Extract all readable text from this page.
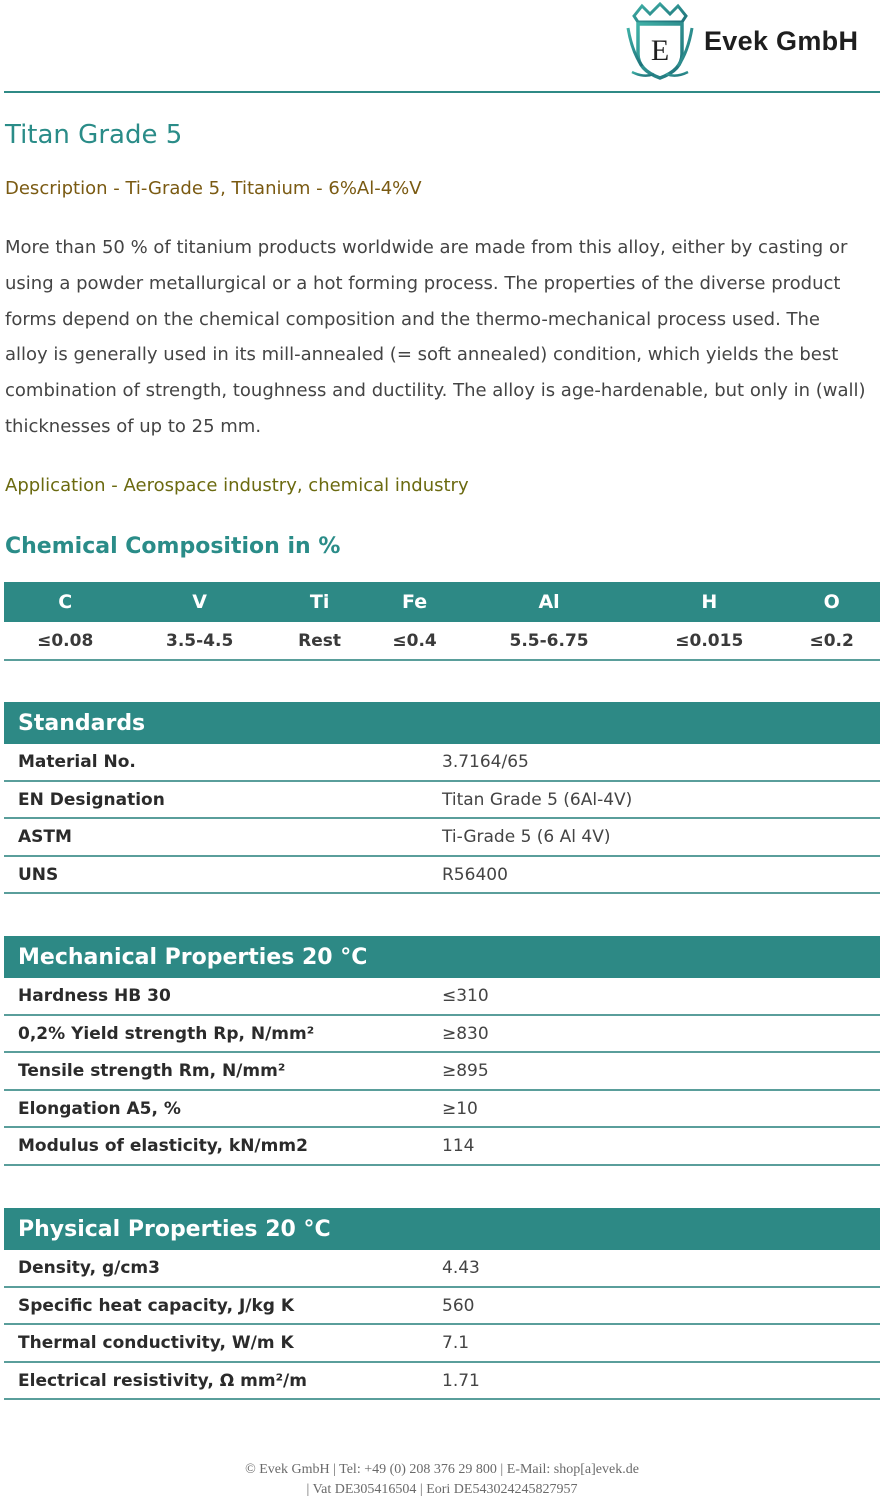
E Evek GmbH
Titan Grade 5
Description - Ti-Grade 5, Titanium - 6%Al-4%V

More than 50 % of titanium products worldwide are made from this alloy, either by casting or using a powder metallurgical or a hot forming process. The properties of the diverse product forms depend on the chemical composition and the thermo-mechanical process used. The alloy is generally used in its mill-annealed (= soft annealed) condition, which yields the best combination of strength, toughness and ductility. The alloy is age-hardenable, but only in (wall) thicknesses of up to 25 mm.

Application - Aerospace industry, chemical industry
Chemical Composition in %
C	V	Ti	Fe	Al	H	O
≤0.08	3.5-4.5	Rest	≤0.4	5.5-6.75	≤0.015	≤0.2
Standards
Material No.	3.7164/65
EN Designation	Titan Grade 5 (6Al-4V)
ASTM	Ti-Grade 5 (6 Al 4V)
UNS	R56400
Mechanical Properties 20 °C
Hardness HB 30	≤310
0,2% Yield strength Rp, N/mm²	≥830
Tensile strength Rm, N/mm²	≥895
Elongation A5, %	≥10
Modulus of elasticity, kN/mm2	114
Physical Properties 20 °C
Density, g/cm3	4.43
Specific heat capacity, J/kg K	560
Thermal conductivity, W/m K	7.1
Electrical resistivity, Ω mm²/m	1.71
© Evek GmbH | Tel: +49 (0) 208 376 29 800 | E-Mail: shop[a]evek.de
| Vat DE305416504 | Eori DE543024245827957
